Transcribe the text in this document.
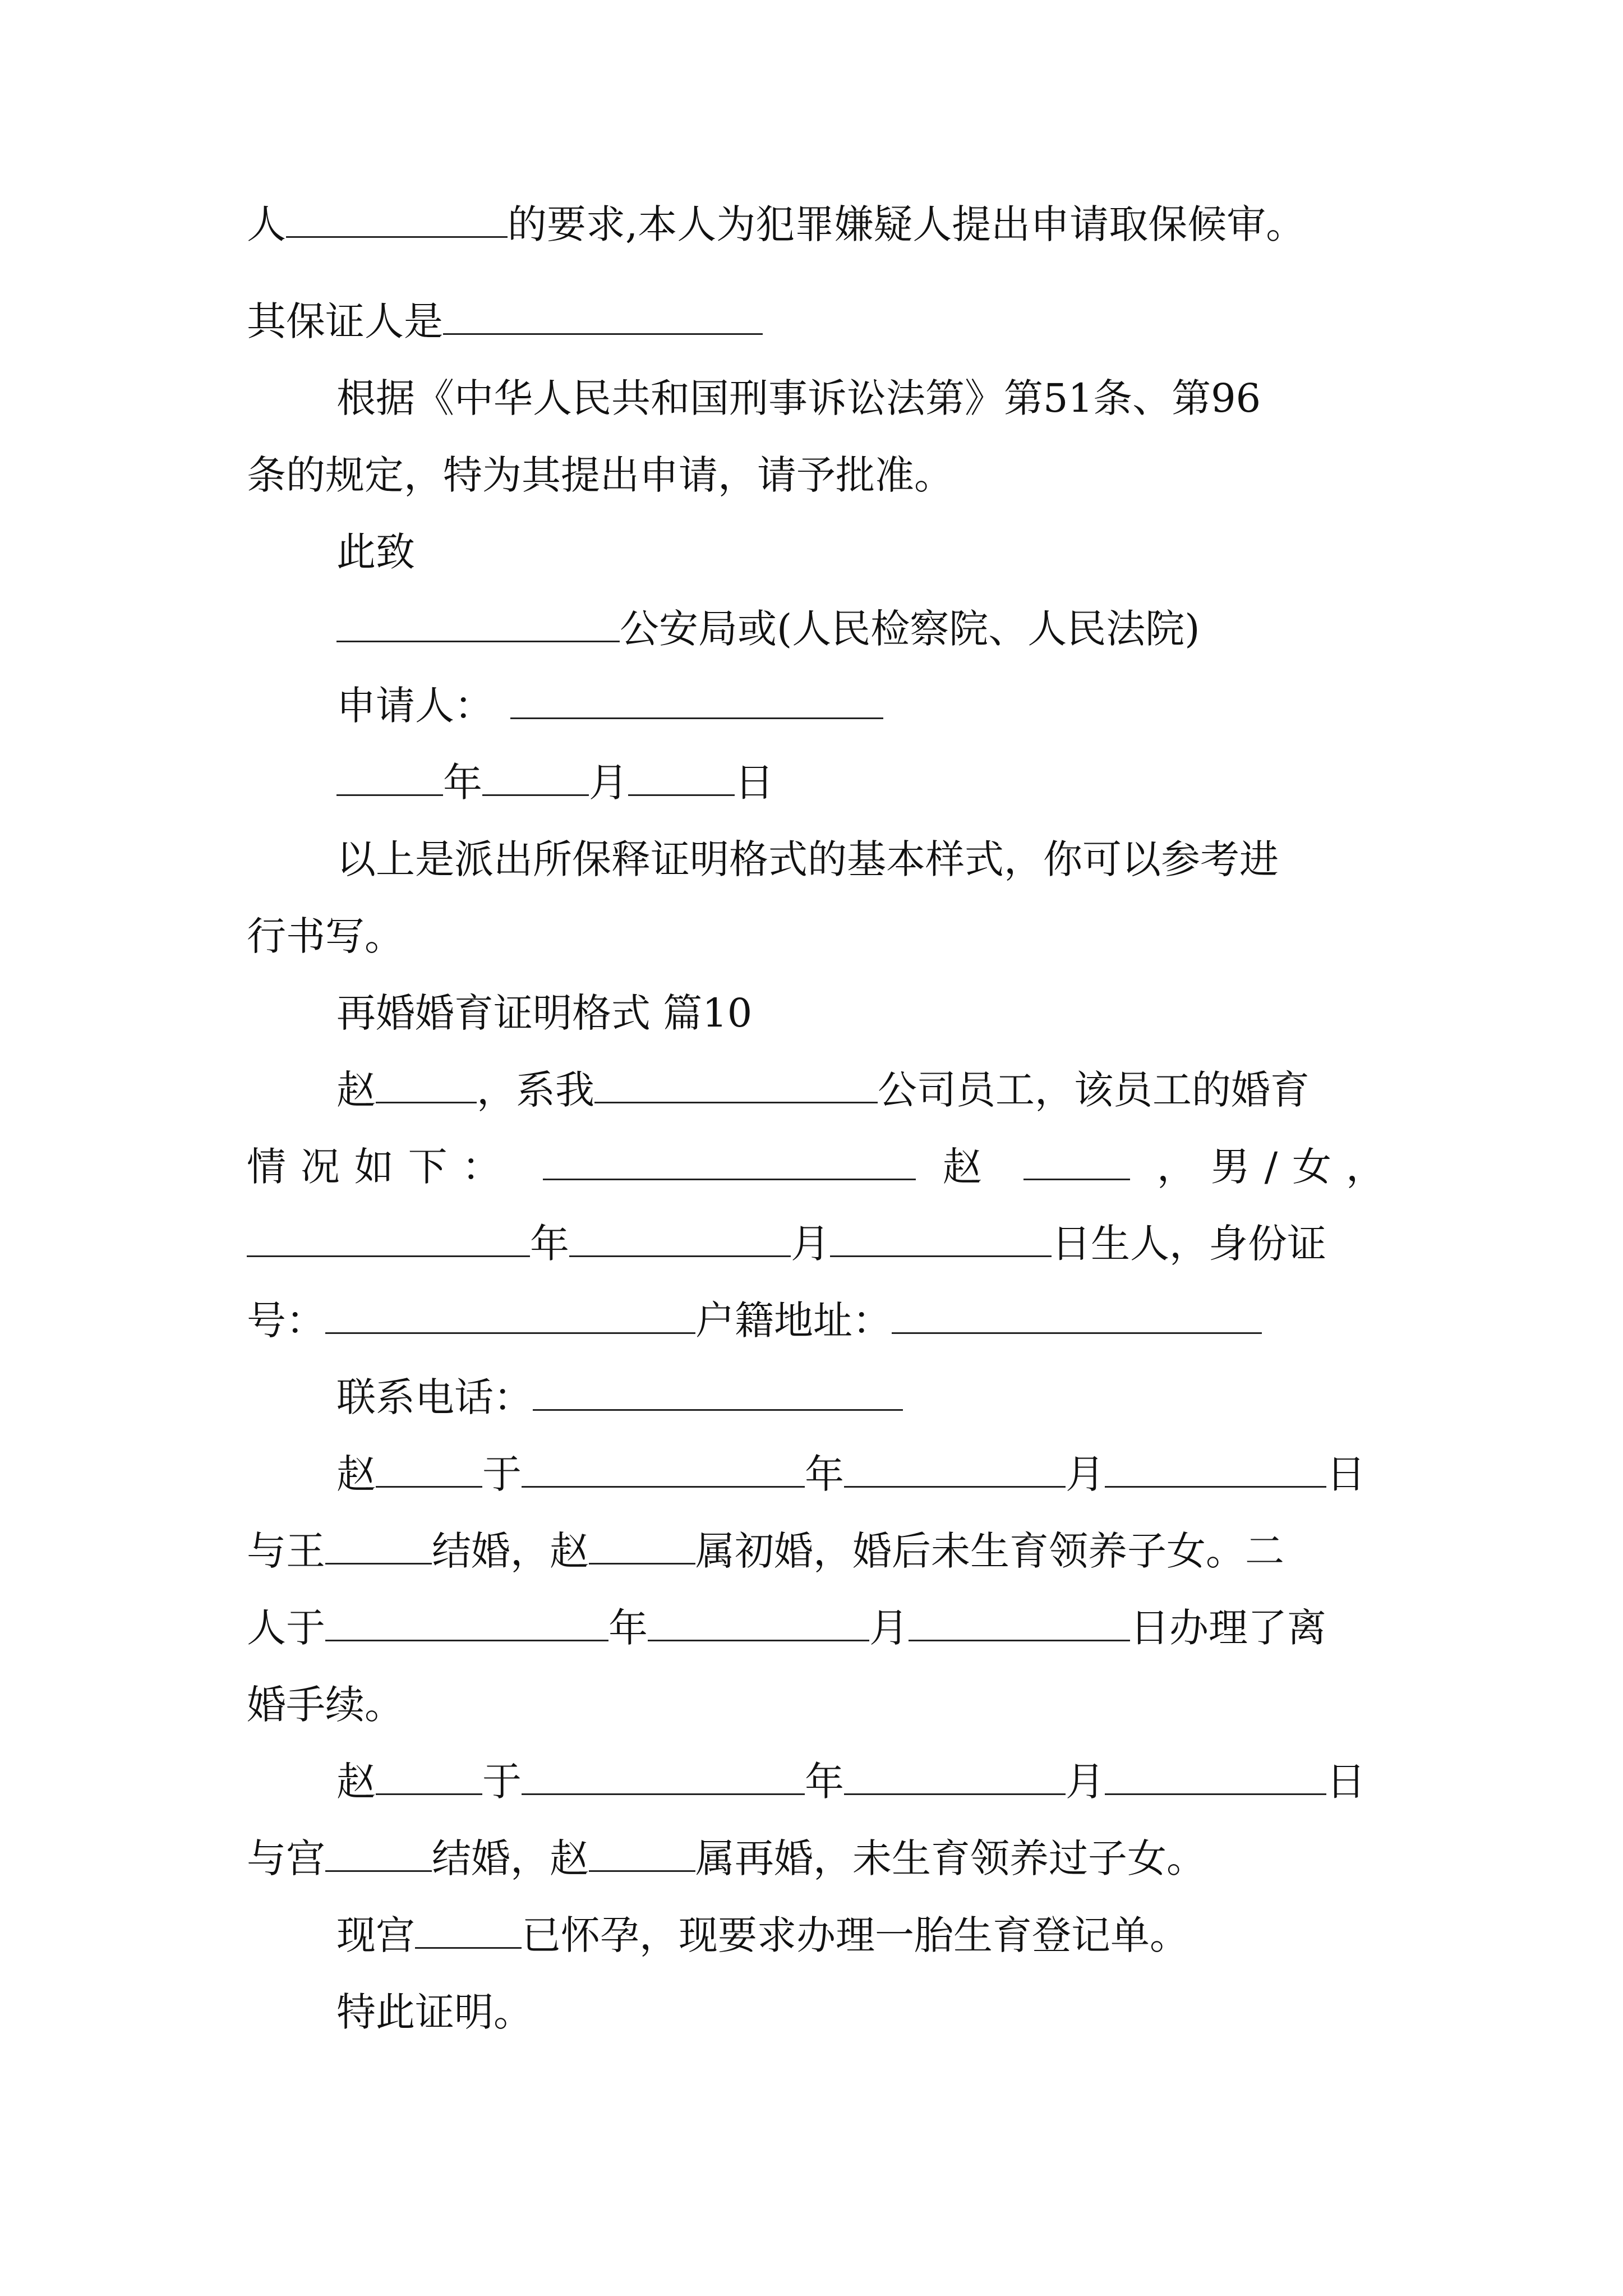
人	的要求,本人为犯罪嫌疑人提出申请取保候审。
其保证人是
根据《中华人民共和国刑事诉讼法第》第51条、第96
条的规定，特为其提出申请，请予批准。
此致
公安局或(人民检察院、人民法院)
申请人：
年	月	日
以上是派出所保释证明格式的基本样式，你可以参考进
行书写。
再婚婚育证明格式 篇10
赵	，系我	公司员工，该员工的婚育
情况如下：	赵	，男/女，
年	月	日生人，身份证
号：	户籍地址：
联系电话：
赵	于	年	月	日
与王	结婚，赵	属初婚，婚后未生育领养子女。二
人于	年	月	日办理了离
婚手续。
赵	于	年	月	日
与宫	结婚，赵	属再婚，未生育领养过子女。
现宫	已怀孕，现要求办理一胎生育登记单。
特此证明。
